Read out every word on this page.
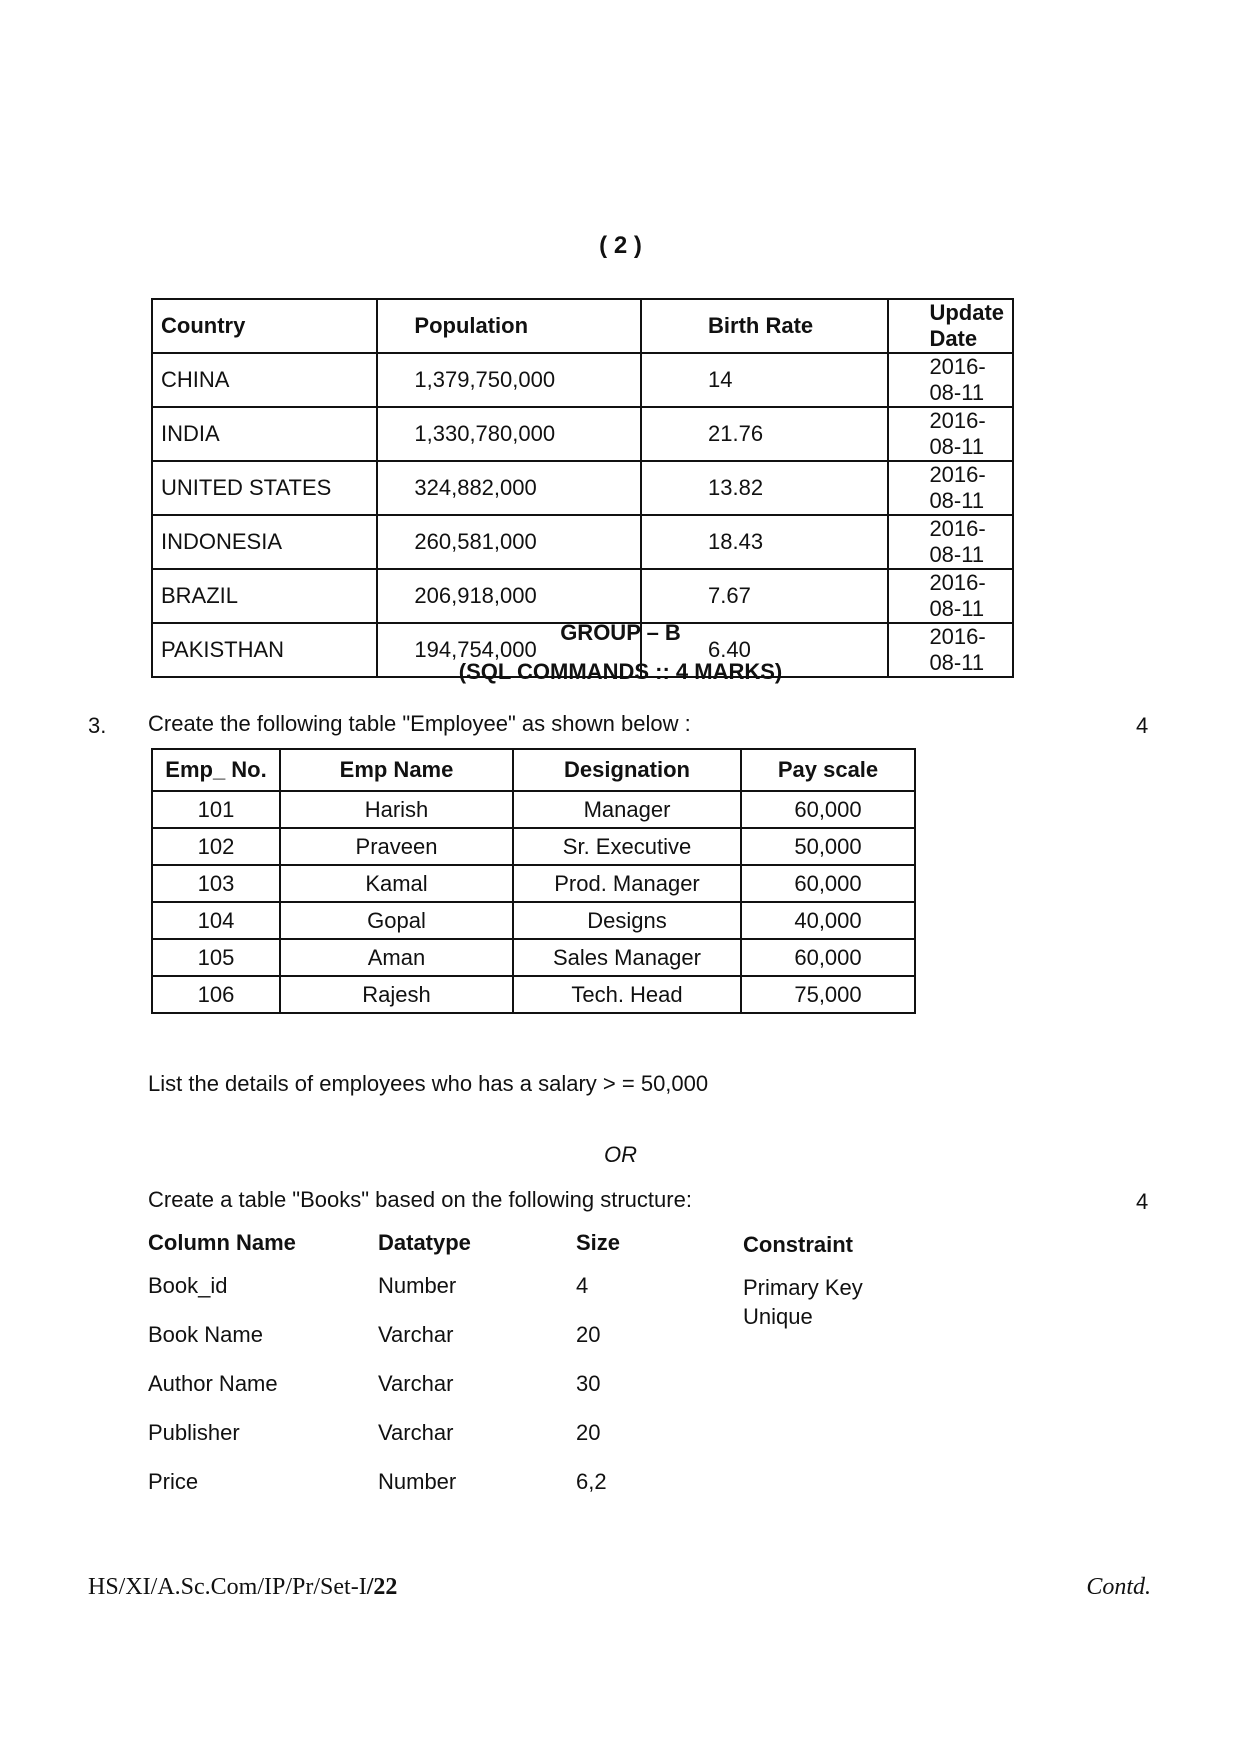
( 2 )
Country	Population	Birth Rate	Update Date
CHINA	1,379,750,000	14	2016-08-11
INDIA	1,330,780,000	21.76	2016-08-11
UNITED STATES	324,882,000	13.82	2016-08-11
INDONESIA	260,581,000	18.43	2016-08-11
BRAZIL	206,918,000	7.67	2016-08-11
PAKISTHAN	194,754,000	6.40	2016-08-11
GROUP – B
(SQL COMMANDS :: 4 MARKS)
3. Create the following table "Employee" as shown below :	4
Emp_ No.	Emp Name	Designation	Pay scale
101	Harish	Manager	60,000
102	Praveen	Sr. Executive	50,000
103	Kamal	Prod. Manager	60,000
104	Gopal	Designs	40,000
105	Aman	Sales Manager	60,000
106	Rajesh	Tech. Head	75,000
List the details of employees who has a salary > = 50,000
OR
Create a table "Books" based on the following structure:	4
Column Name	Datatype	Size	Constraint
Book_id	Number	4	Primary Key
Unique
Book Name	Varchar	20
Author Name	Varchar	30
Publisher	Varchar	20
Price	Number	6,2
HS/XI/A.Sc.Com/IP/Pr/Set-I/22	Contd.
